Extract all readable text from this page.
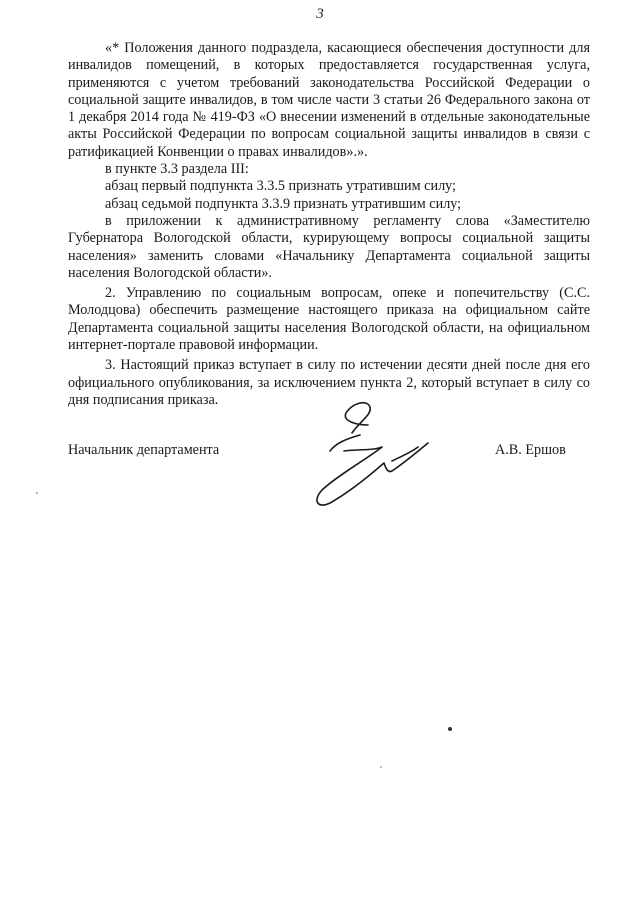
3

«* Положения данного подраздела, касающиеся обеспечения доступности для инвалидов помещений, в которых предоставляется государственная услуга, применяются с учетом требований законодательства Российской Федерации о социальной защите инвалидов, в том числе части 3 статьи 26 Федерального закона от 1 декабря 2014 года № 419-ФЗ «О внесении изменений в отдельные законодательные акты Российской Федерации по вопросам социальной защиты инвалидов в связи с ратификацией Конвенции о правах инвалидов».».

в пункте 3.3 раздела III:

абзац первый подпункта 3.3.5 признать утратившим силу;

абзац седьмой подпункта 3.3.9 признать утратившим силу;

в приложении к административному регламенту слова «Заместителю Губернатора Вологодской области, курирующему вопросы социальной защиты населения» заменить словами «Начальнику Департамента социальной защиты населения Вологодской области».

2. Управлению по социальным вопросам, опеке и попечительству (С.С. Молодцова) обеспечить размещение настоящего приказа на официальном сайте Департамента социальной защиты населения Вологодской области, на официальном интернет-портале правовой информации.

3. Настоящий приказ вступает в силу по истечении десяти дней после дня его официального опубликования, за исключением пункта 2, который вступает в силу со дня подписания приказа.

Начальник департамента	А.В. Ершов
